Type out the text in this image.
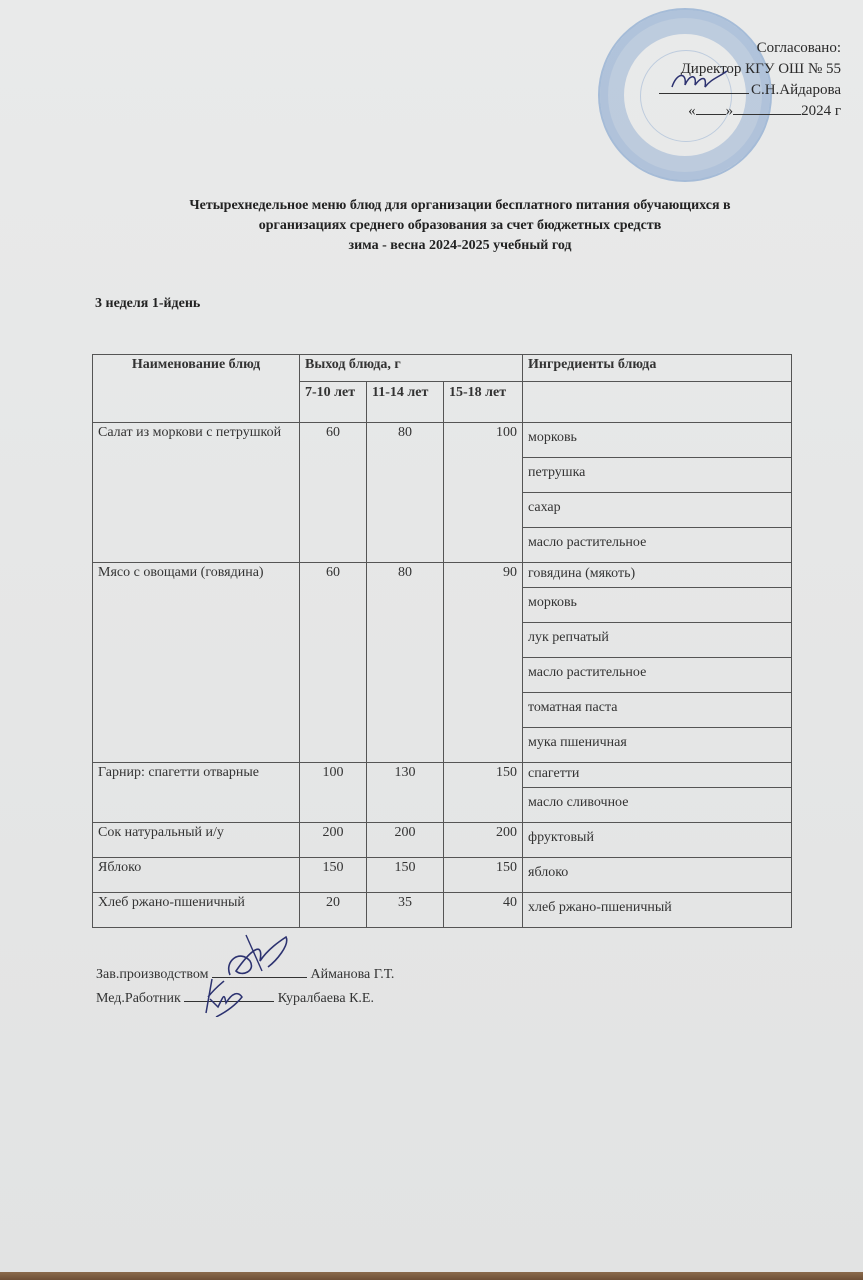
Согласовано:
Директор КГУ ОШ № 55
С.Н.Айдарова
« »	2024 г
Четырехнедельное меню блюд для организации бесплатного питания обучающихся в
организациях среднего образования за счет бюджетных средств
зима - весна 2024-2025 учебный год
3 неделя 1-йдень
Наименование блюд	Выход блюда, г			Ингредиенты блюда
	7-10 лет	11-14 лет	15-18 лет	
Салат из моркови с петрушкой	60	80	100	морковь
				петрушка
				сахар
				масло растительное
Мясо с овощами (говядина)	60	80	90	говядина (мякоть)
				морковь
				лук репчатый
				масло растительное
				томатная паста
				мука пшеничная
Гарнир: спагетти отварные	100	130	150	спагетти
				масло сливочное
Сок натуральный и/у	200	200	200	фруктовый
Яблоко	150	150	150	яблоко
Хлеб ржано-пшеничный	20	35	40	хлеб ржано-пшеничный
Зав.производством	Айманова Г.Т.
Мед.Работник	Куралбаева К.Е.
